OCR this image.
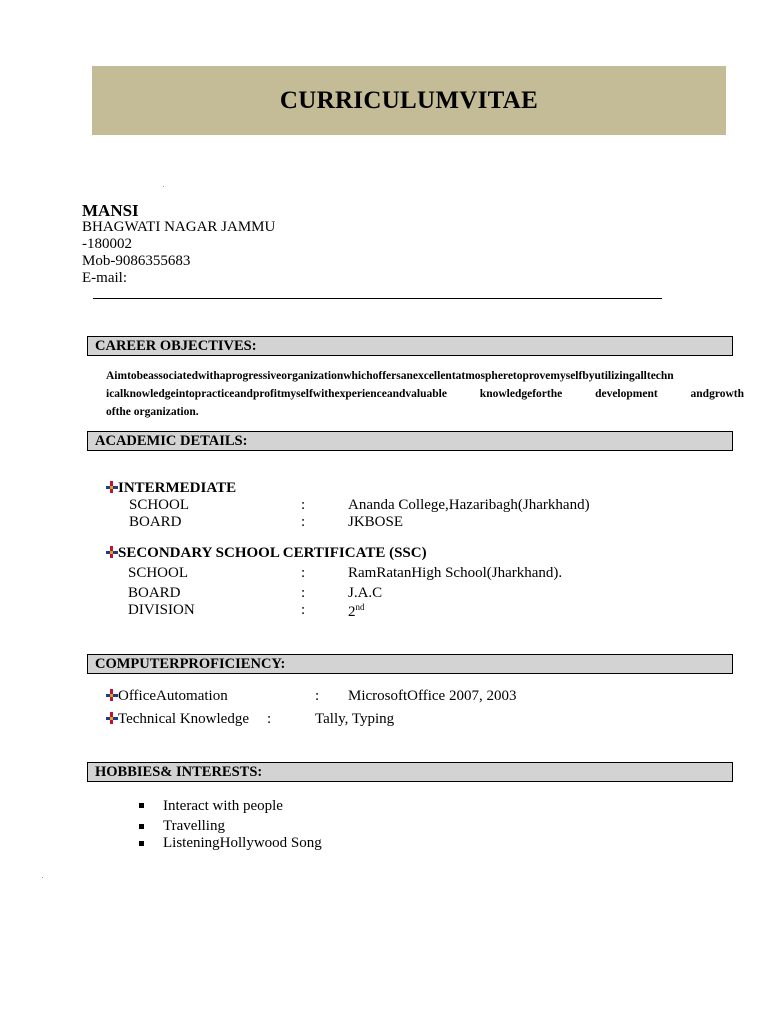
CURRICULUMVITAE
MANSI
BHAGWATI NAGAR JAMMU
-180002
Mob-9086355683
E-mail:
CAREER OBJECTIVES:
Aimtobeassociatedwithaprogressiveorganizationwhichoffersanexcellentatmospheretoprovemyselfbyutilizingalltechn
icalknowledgeintopracticeandprofitmyselfwithexperienceandvaluable knowledgeforthe development andgrowth
ofthe organization.
ACADEMIC DETAILS:
INTERMEDIATE
SCHOOL	:	Ananda College,Hazaribagh(Jharkhand)
BOARD	:	JKBOSE
SECONDARY SCHOOL CERTIFICATE (SSC)
SCHOOL	:	RamRatanHigh School(Jharkhand).
BOARD	:	J.A.C
DIVISION	:	2nd
COMPUTERPROFICIENCY:
OfficeAutomation	: MicrosoftOffice 2007, 2003
Technical Knowledge :	Tally, Typing
HOBBIES& INTERESTS:
Interact with people
Travelling
ListeningHollywood Song
